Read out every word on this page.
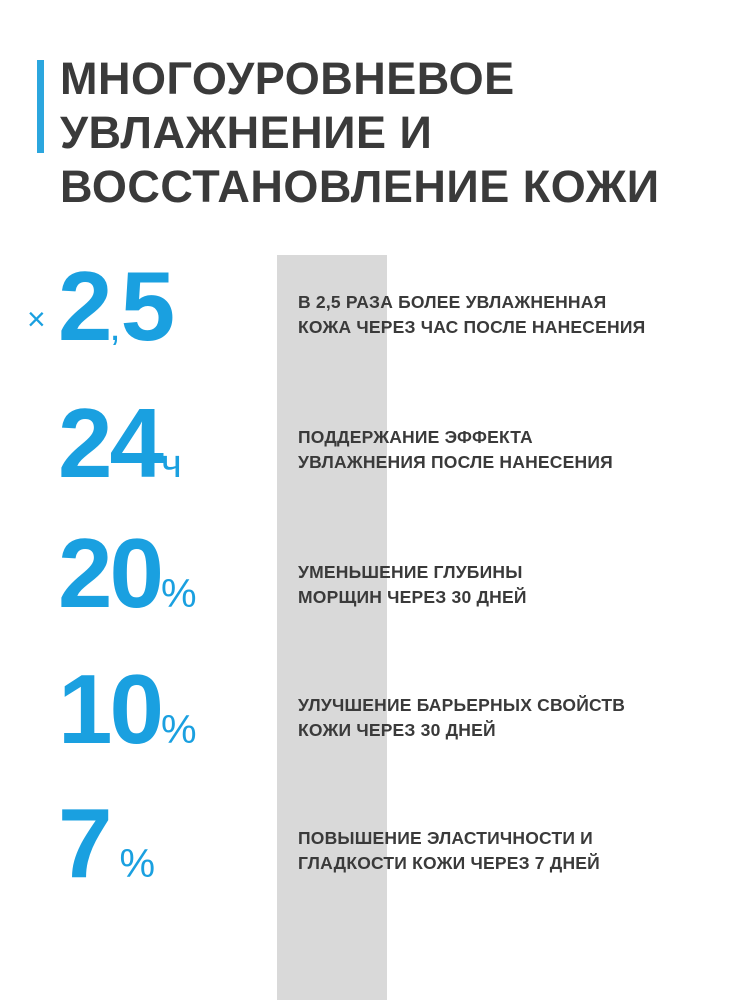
МНОГОУРОВНЕВОЕ
УВЛАЖНЕНИЕ И
ВОССТАНОВЛЕНИЕ КОЖИ
× 2,5	В 2,5 РАЗА БОЛЕЕ УВЛАЖНЕННАЯ
КОЖА ЧЕРЕЗ ЧАС ПОСЛЕ НАНЕСЕНИЯ
24ч
ПОДДЕРЖАНИЕ ЭФФЕКТА
УВЛАЖНЕНИЯ ПОСЛЕ НАНЕСЕНИЯ
20%	УМЕНЬШЕНИЕ ГЛУБИНЫ
МОРЩИН ЧЕРЕЗ 30 ДНЕЙ
10%
УЛУЧШЕНИЕ БАРЬЕРНЫХ СВОЙСТВ
КОЖИ ЧЕРЕЗ 30 ДНЕЙ
7 %
ПОВЫШЕНИЕ ЭЛАСТИЧНОСТИ И
ГЛАДКОСТИ КОЖИ ЧЕРЕЗ 7 ДНЕЙ
